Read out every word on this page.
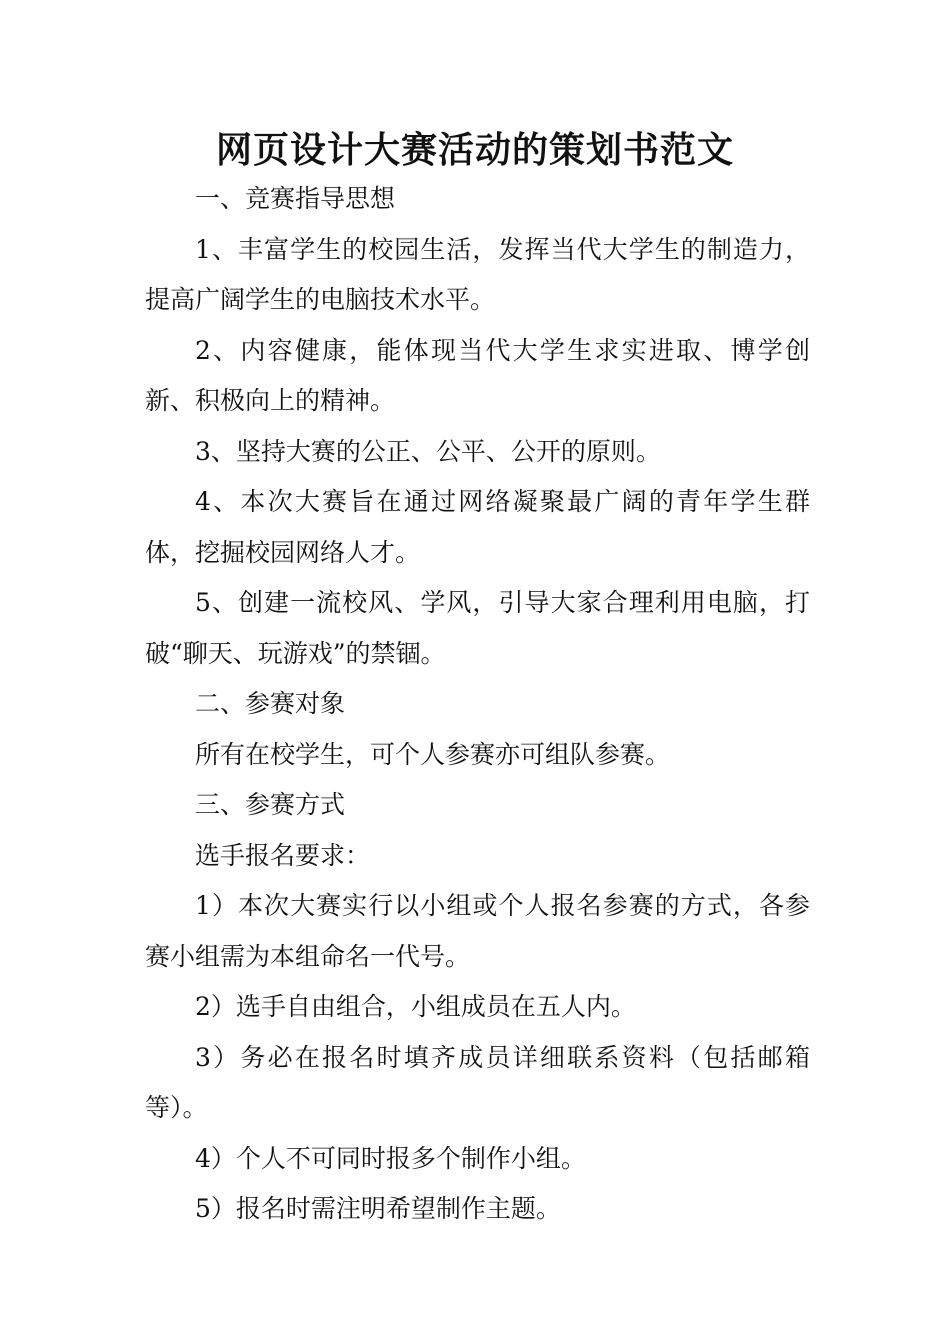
网页设计大赛活动的策划书范文

一、竞赛指导思想

1、丰富学生的校园生活，发挥当代大学生的制造力，提高广阔学生的电脑技术水平。

2、内容健康，能体现当代大学生求实进取、博学创新、积极向上的精神。

3、坚持大赛的公正、公平、公开的原则。

4、本次大赛旨在通过网络凝聚最广阔的青年学生群体，挖掘校园网络人才。

5、创建一流校风、学风，引导大家合理利用电脑，打破“聊天、玩游戏”的禁锢。

二、参赛对象

所有在校学生，可个人参赛亦可组队参赛。

三、参赛方式

选手报名要求：

1）本次大赛实行以小组或个人报名参赛的方式，各参赛小组需为本组命名一代号。

2）选手自由组合，小组成员在五人内。

3）务必在报名时填齐成员详细联系资料（包括邮箱等）。

4）个人不可同时报多个制作小组。

5）报名时需注明希望制作主题。
